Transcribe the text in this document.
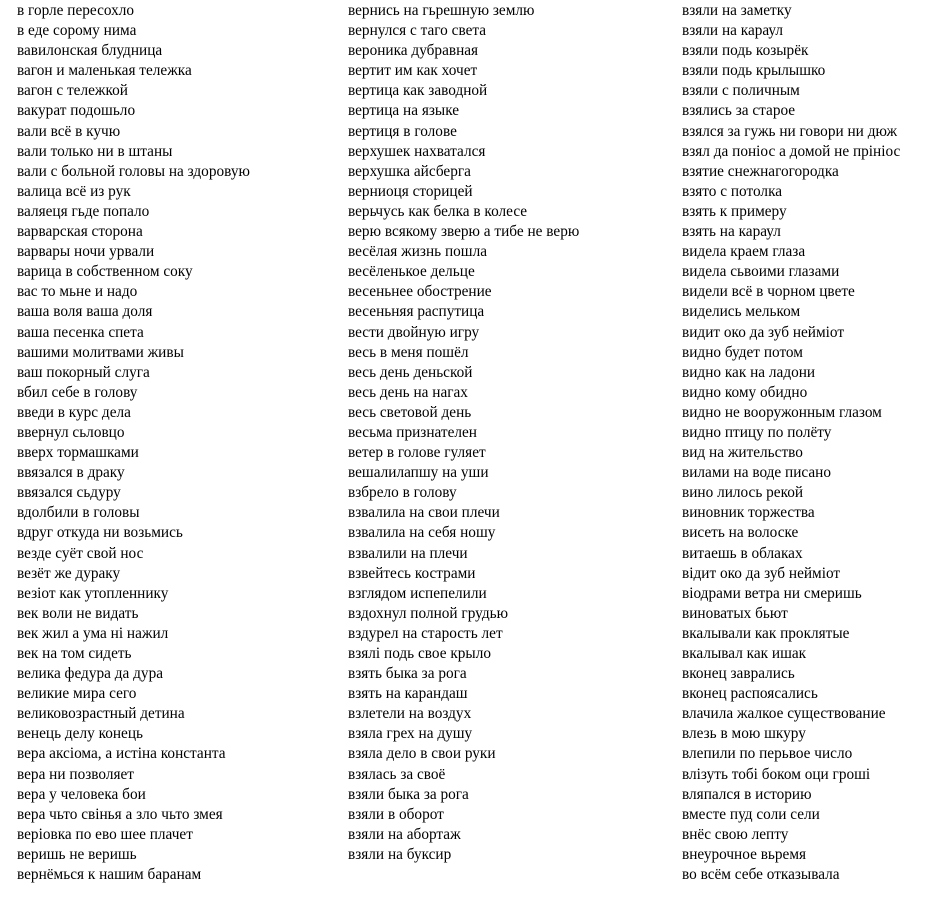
в горле пересохло
в еде сорому нима
вавилонская блудница
вагон и маленькая тележка
вагон с тележкой
вакурат подошьло
вали всё в кучю
вали только ни в штаны
вали с больной головы на здоровую
валица всё из рук
валяеця гьде попало
варварская сторона
варвары ночи урвали
варица в собственном соку
вас то мьне и надо
ваша воля ваша доля
ваша песенка спета
вашими молитвами живы
ваш покорный слуга
вбил себе в голову
введи в курс дела
ввернул сьловцо
вверх тормашками
ввязался в драку
ввязался сьдуру
вдолбили в головы
вдруг откуда ни возьмись
везде суёт свой нос
везёт же дураку
везiот как утопленнику
век воли не видать
век жил а ума ні нажил
век на том сидеть
велика федура да дура
великие мира сего
великовозрастный детина
венець делу конець
вера аксiома, а истiна константа
вера ни позволяет
вера у человека бои
вера чьто свiнья а зло чьто змея
верiовка по ево шее плачет
веришь не веришь
вернёмься к нашим баранам
вернись на гьрешную землю
вернулся с таго света
вероника дубравная
вертит им как хочет
вертица как заводной
вертица на языке
вертиця в голове
верхушек нахватался
верхушка айсберга
верниоця сторицей
верьчусь как белка в колесе
верю всякому зверю а тибе не верю
весёлая жизнь пошла
весёленькое дельце
весеньнее обострение
весеньняя распутица
вести двойную игру
весь в меня пошёл
весь день деньской
весь день на нагах
весь световой день
весьма признателен
ветер в голове гуляет
вешалилапшу на уши
взбрело в голову
взвалила на свои плечи
взвалила на себя ношу
взвалили на плечи
взвейтесь кострами
взглядом испепелили
вздохнул полной грудью
вздурел на старость лет
взялi подь свое крыло
взять быка за рога
взять на карандаш
взлетели на воздух
взяла грех на душу
взяла дело в свои руки
взялась за своё
взяли быка за рога
взяли в оборот
взяли на абортаж
взяли на буксир
взяли на заметку
взяли на караул
взяли подь козырёк
взяли подь крылышко
взяли с поличным
взялись за старое
взялся за гужь ни говори ни дюж
взял да понiос а домой не прiнiос
взятие снежнагогородка
взято с потолка
взять к примеру
взять на караул
видела краем глаза
видела сьвоими глазами
видели всё в чорном цвете
виделись мельком
видит око да зуб неймiот
видно будет потом
видно как на ладони
видно кому обидно
видно не вооружонным глазом
видно птицу по полёту
вид на жительство
вилами на воде писано
вино лилось рекой
виновник торжества
висеть на волоске
витаешь в облаках
вiдит око да зуб неймiот
вiодрами ветра ни смеришь
виноватых бьют
вкалывали как проклятые
вкалывал как ишак
вконец заврались
вконец распоясались
влачила жалкое существование
влезь в мою шкуру
влепили по перьвое число
влiзуть тобi боком оци грошi
вляпался в историю
вместе пуд соли сели
внёс свою лепту
внеурочное вьремя
во всём себе отказывала
